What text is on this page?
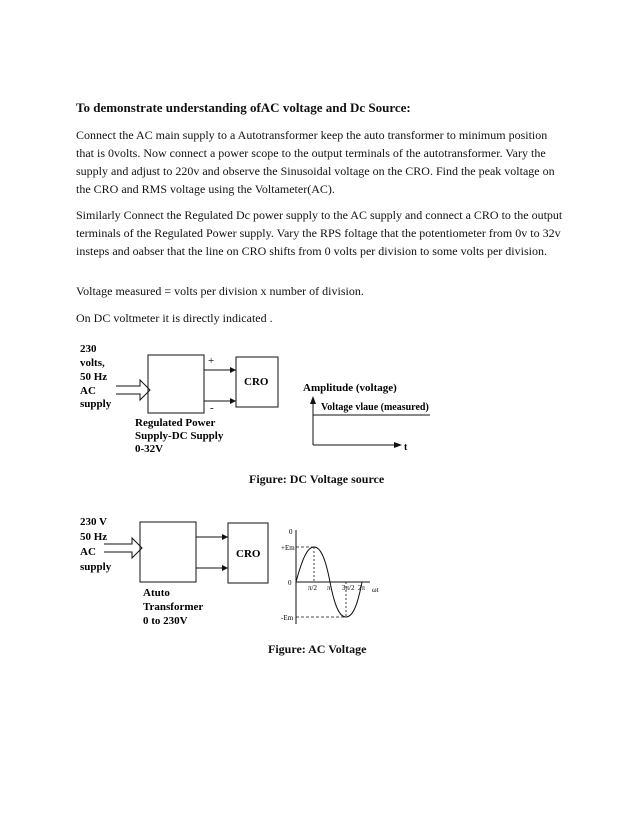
To demonstrate understanding ofAC voltage and Dc Source:
Connect the AC main supply to a Autotransformer keep the auto transformer to minimum position that is 0volts. Now connect a power scope to the output terminals of the autotransformer. Vary the supply and adjust to 220v and observe the Sinusoidal voltage on the CRO. Find the peak voltage on the CRO and RMS voltage using the Voltameter(AC).
Similarly Connect the Regulated Dc power supply to the AC supply and connect a CRO to the output terminals of the Regulated Power supply. Vary the RPS foltage that the potentiometer from 0v to 32v insteps and oabser that the line on CRO shifts from 0 volts per division to some volts per division.
Voltage measured = volts per division x number of division.
On DC voltmeter it is directly indicated .
230
volts,
50 Hz
AC
supply
+
-
CRO
Regulated Power
Supply-DC Supply
0-32V
Amplitude (voltage)
Voltage vlaue (measured)
t
Figure: DC Voltage source
230 V
50 Hz
AC
supply
CRO
Atuto
Transformer
0 to 230V
0
+Em
0
-Em
π/2 π 3π/2 2π ωt
Figure: AC Voltage
